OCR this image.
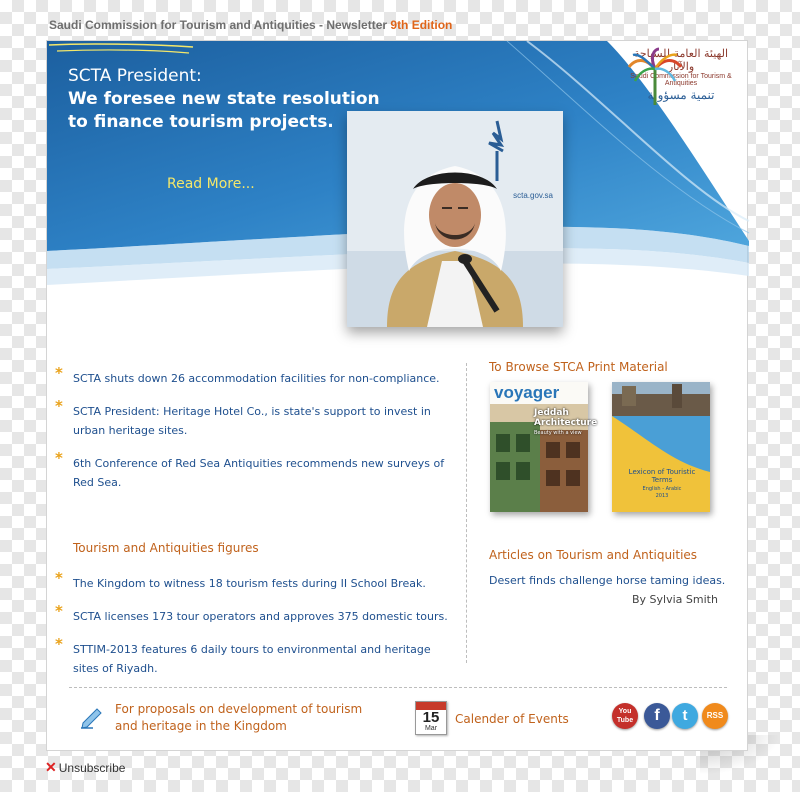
Saudi Commission for Tourism and Antiquities - Newsletter 9th Edition
SCTA President:
We foresee new state resolution
to finance tourism projects.
Read More...
scta.gov.sa
الهيئة العامة للسياحة والآثار
Saudi Commission for Tourism & Antiquities
تنمية مسؤولة
* SCTA shuts down 26 accommodation facilities for non-compliance.
* SCTA President: Heritage Hotel Co., is state's support to invest in urban heritage sites.
* 6th Conference of Red Sea Antiquities recommends new surveys of Red Sea.
Tourism and Antiquities figures
* The Kingdom to witness 18 tourism fests during II School Break.
* SCTA licenses 173 tour operators and approves 375 domestic tours.
* STTIM-2013 features 6 daily tours to environmental and heritage sites of Riyadh.
To Browse STCA Print Material
voyager
Jeddah Architecture
Beauty with a view
Lexicon of Touristic Terms
English - Arabic
2013
Articles on Tourism and Antiquities
Desert finds challenge horse taming ideas.
By Sylvia Smith
For proposals on development of tourism
and heritage in the Kingdom	15
Mar
Calender of Events
You Tube	f	t	RSS
✕ Unsubscribe
